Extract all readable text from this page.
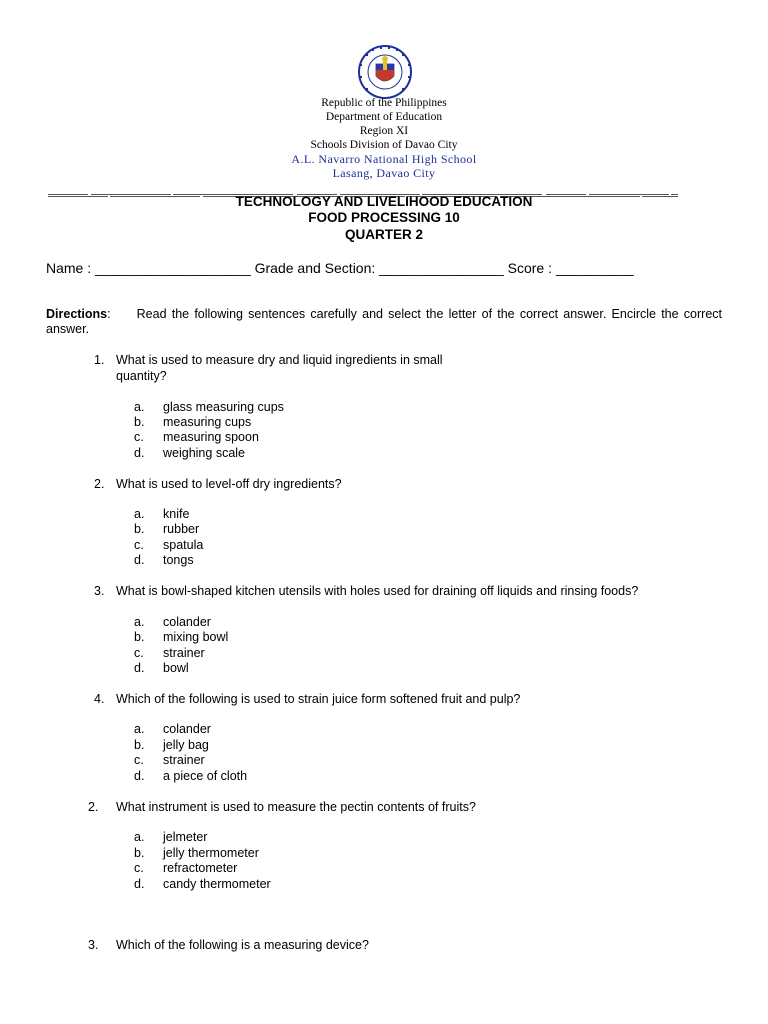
Republic of the Philippines
Department of Education
Region XI
Schools Division of Davao City
A.L. Navarro National High School
Lasang, Davao City
TECHNOLOGY AND LIVELIHOOD EDUCATION
FOOD PROCESSING 10
QUARTER 2
Name : ____________________ Grade and Section: ________________ Score : __________
Directions:     Read the following sentences carefully and select the letter of the correct answer. Encircle the correct answer.
1. What is used to measure dry and liquid ingredients in small
quantity?
a. glass measuring cups
b. measuring cups
c. measuring spoon
d. weighing scale
2. What is used to level-off dry ingredients?
a. knife
b. rubber
c. spatula
d. tongs
3. What is bowl-shaped kitchen utensils with holes used for draining off liquids and rinsing foods?
a. colander
b. mixing bowl
c. strainer
d. bowl
4. Which of the following is used to strain juice form softened fruit and pulp?
a. colander
b. jelly bag
c. strainer
d. a piece of cloth
2. What instrument is used to measure the pectin contents of fruits?
a. jelmeter
b. jelly thermometer
c. refractometer
d. candy thermometer
3. Which of the following is a measuring device?
